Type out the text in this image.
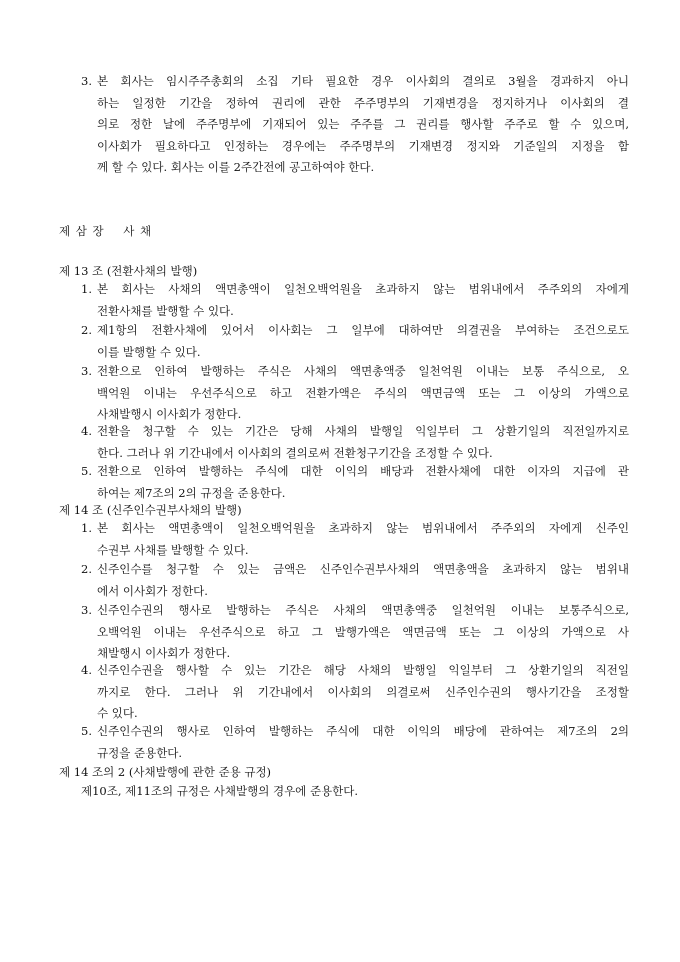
3. 본 회사는 임시주주총회의 소집 기타 필요한 경우 이사회의 결의로 3월을 경과하지 아니
하는 일정한 기간을 정하여 권리에 관한 주주명부의 기재변경을 정지하거나 이사회의 결
의로 정한 날에 주주명부에 기재되어 있는 주주를 그 권리를 행사할 주주로 할 수 있으며,
이사회가 필요하다고 인정하는 경우에는 주주명부의 기재변경 정지와 기준일의 지정을 함
께 할 수 있다. 회사는 이를 2주간전에 공고하여야 한다.
제 삼 장    사 채
제 13 조 (전환사채의 발행)
1. 본 회사는 사채의 액면총액이 일천오백억원을 초과하지 않는 범위내에서 주주외의 자에게
전환사채를 발행할 수 있다.
2. 제1항의 전환사채에 있어서 이사회는 그 일부에 대하여만 의결권을 부여하는 조건으로도
이를 발행할 수 있다.
3. 전환으로 인하여 발행하는 주식은 사채의 액면총액중 일천억원 이내는 보통 주식으로, 오
백억원 이내는 우선주식으로 하고 전환가액은 주식의 액면금액 또는 그 이상의 가액으로
사채발행시 이사회가 정한다.
4. 전환을 청구할 수 있는 기간은 당해 사채의 발행일 익일부터 그 상환기일의 직전일까지로
한다. 그러나 위 기간내에서 이사회의 결의로써 전환청구기간을 조정할 수 있다.
5. 전환으로 인하여 발행하는 주식에 대한 이익의 배당과 전환사채에 대한 이자의 지급에 관
하여는 제7조의 2의 규정을 준용한다.
제 14 조 (신주인수권부사채의 발행)
1. 본 회사는 액면총액이 일천오백억원을 초과하지 않는 범위내에서 주주외의 자에게 신주인
수권부 사채를 발행할 수 있다.
2. 신주인수를 청구할 수 있는 금액은 신주인수권부사채의 액면총액을 초과하지 않는 범위내
에서 이사회가 정한다.
3. 신주인수권의 행사로 발행하는 주식은 사채의 액면총액중 일천억원 이내는 보통주식으로,
오백억원 이내는 우선주식으로 하고 그 발행가액은 액면금액 또는 그 이상의 가액으로 사
채발행시 이사회가 정한다.
4. 신주인수권을 행사할 수 있는 기간은 해당 사채의 발행일 익일부터 그 상환기일의 직전일
까지로 한다. 그러나 위 기간내에서 이사회의 의결로써 신주인수권의 행사기간을 조정할
수 있다.
5. 신주인수권의 행사로 인하여 발행하는 주식에 대한 이익의 배당에 관하여는 제7조의 2의
규정을 준용한다.
제 14 조의 2 (사채발행에 관한 준용 규정)
제10조, 제11조의 규정은 사채발행의 경우에 준용한다.
